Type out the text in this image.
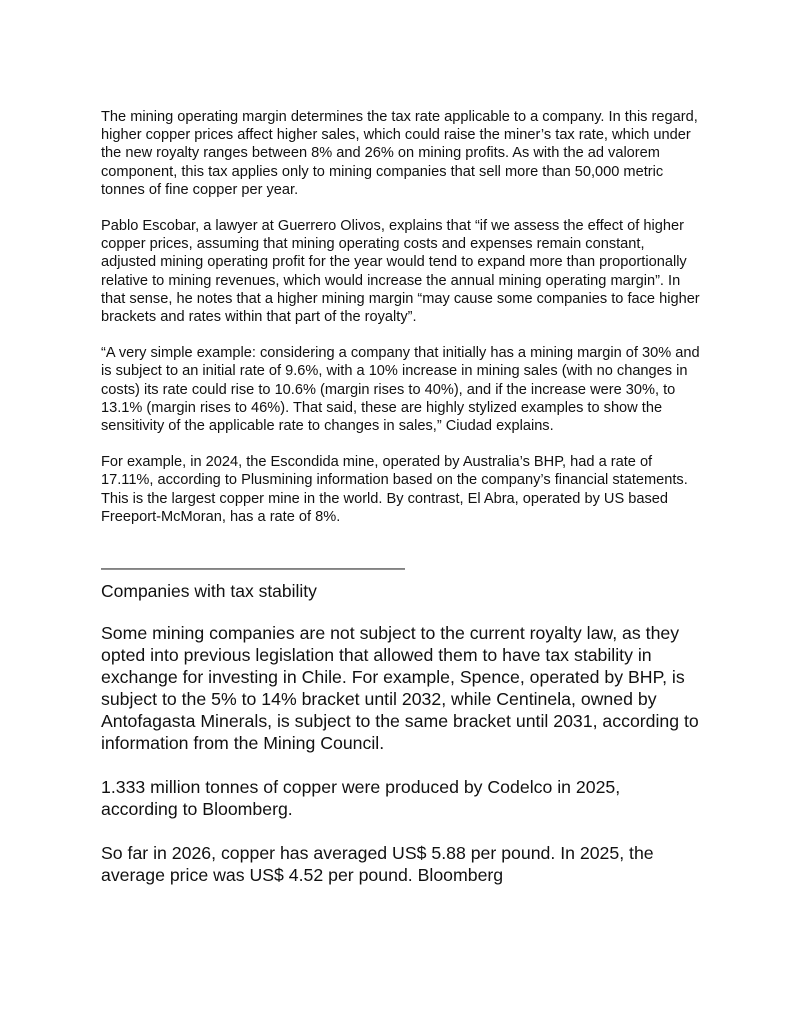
The mining operating margin determines the tax rate applicable to a company. In this regard, higher copper prices affect higher sales, which could raise the miner’s tax rate, which under the new royalty ranges between 8% and 26% on mining profits. As with the ad valorem component, this tax applies only to mining companies that sell more than 50,000 metric tonnes of fine copper per year.

Pablo Escobar, a lawyer at Guerrero Olivos, explains that “if we assess the effect of higher copper prices, assuming that mining operating costs and expenses remain constant, adjusted mining operating profit for the year would tend to expand more than proportionally relative to mining revenues, which would increase the annual mining operating margin”. In that sense, he notes that a higher mining margin “may cause some companies to face higher brackets and rates within that part of the royalty”.

“A very simple example: considering a company that initially has a mining margin of 30% and is subject to an initial rate of 9.6%, with a 10% increase in mining sales (with no changes in costs) its rate could rise to 10.6% (margin rises to 40%), and if the increase were 30%, to 13.1% (margin rises to 46%). That said, these are highly stylized examples to show the sensitivity of the applicable rate to changes in sales,” Ciudad explains.

For example, in 2024, the Escondida mine, operated by Australia’s BHP, had a rate of 17.11%, according to Plusmining information based on the company’s financial statements. This is the largest copper mine in the world. By contrast, El Abra, operated by US based Freeport-McMoran, has a rate of 8%.

———————————————————
Companies with tax stability

Some mining companies are not subject to the current royalty law, as they opted into previous legislation that allowed them to have tax stability in exchange for investing in Chile. For example, Spence, operated by BHP, is subject to the 5% to 14% bracket until 2032, while Centinela, owned by Antofagasta Minerals, is subject to the same bracket until 2031, according to information from the Mining Council.

1.333 million tonnes of copper were produced by Codelco in 2025, according to Bloomberg.

So far in 2026, copper has averaged US$ 5.88 per pound. In 2025, the average price was US$ 4.52 per pound. Bloomberg
